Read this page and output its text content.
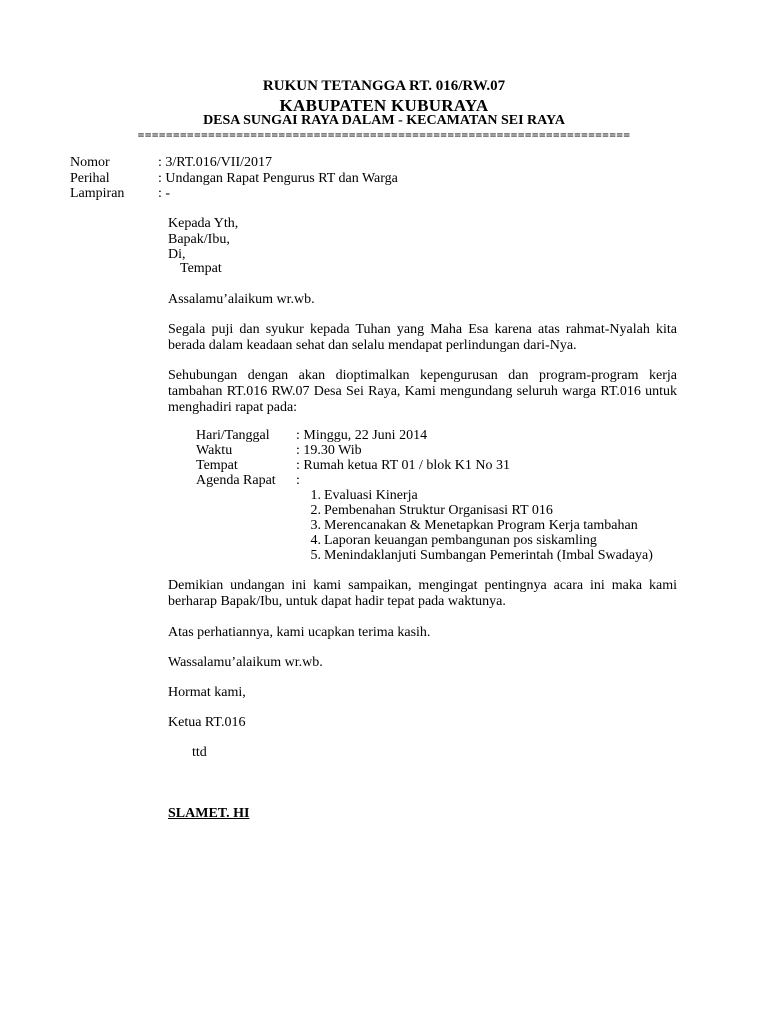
RUKUN TETANGGA RT. 016/RW.07
KABUPATEN KUBURAYA
DESA SUNGAI RAYA DALAM - KECAMATAN SEI RAYA
======================================================================
Nomor	: 3/RT.016/VII/2017
Perihal	: Undangan Rapat Pengurus RT dan Warga
Lampiran : -
Kepada Yth,
Bapak/Ibu,
Di,
Tempat
Assalamu’alaikum wr.wb.
Segala puji dan syukur kepada Tuhan yang Maha Esa karena atas rahmat-Nyalah kita berada dalam keadaan sehat dan selalu mendapat perlindungan dari-Nya.
Sehubungan dengan akan dioptimalkan kepengurusan dan program-program kerja tambahan RT.016 RW.07 Desa Sei Raya, Kami mengundang seluruh warga RT.016 untuk menghadiri rapat pada:
Hari/Tanggal : Minggu, 22 Juni 2014
Waktu	: 19.30 Wib
Tempat	: Rumah ketua RT 01 / blok K1 No 31
Agenda Rapat :
1. Evaluasi Kinerja
2. Pembenahan Struktur Organisasi RT 016
3. Merencanakan & Menetapkan Program Kerja tambahan
4. Laporan keuangan pembangunan pos siskamling
5. Menindaklanjuti Sumbangan Pemerintah (Imbal Swadaya)
Demikian undangan ini kami sampaikan, mengingat pentingnya acara ini maka kami berharap Bapak/Ibu, untuk dapat hadir tepat pada waktunya.
Atas perhatiannya, kami ucapkan terima kasih.
Wassalamu’alaikum wr.wb.
Hormat kami,
Ketua RT.016
ttd
SLAMET. HI
